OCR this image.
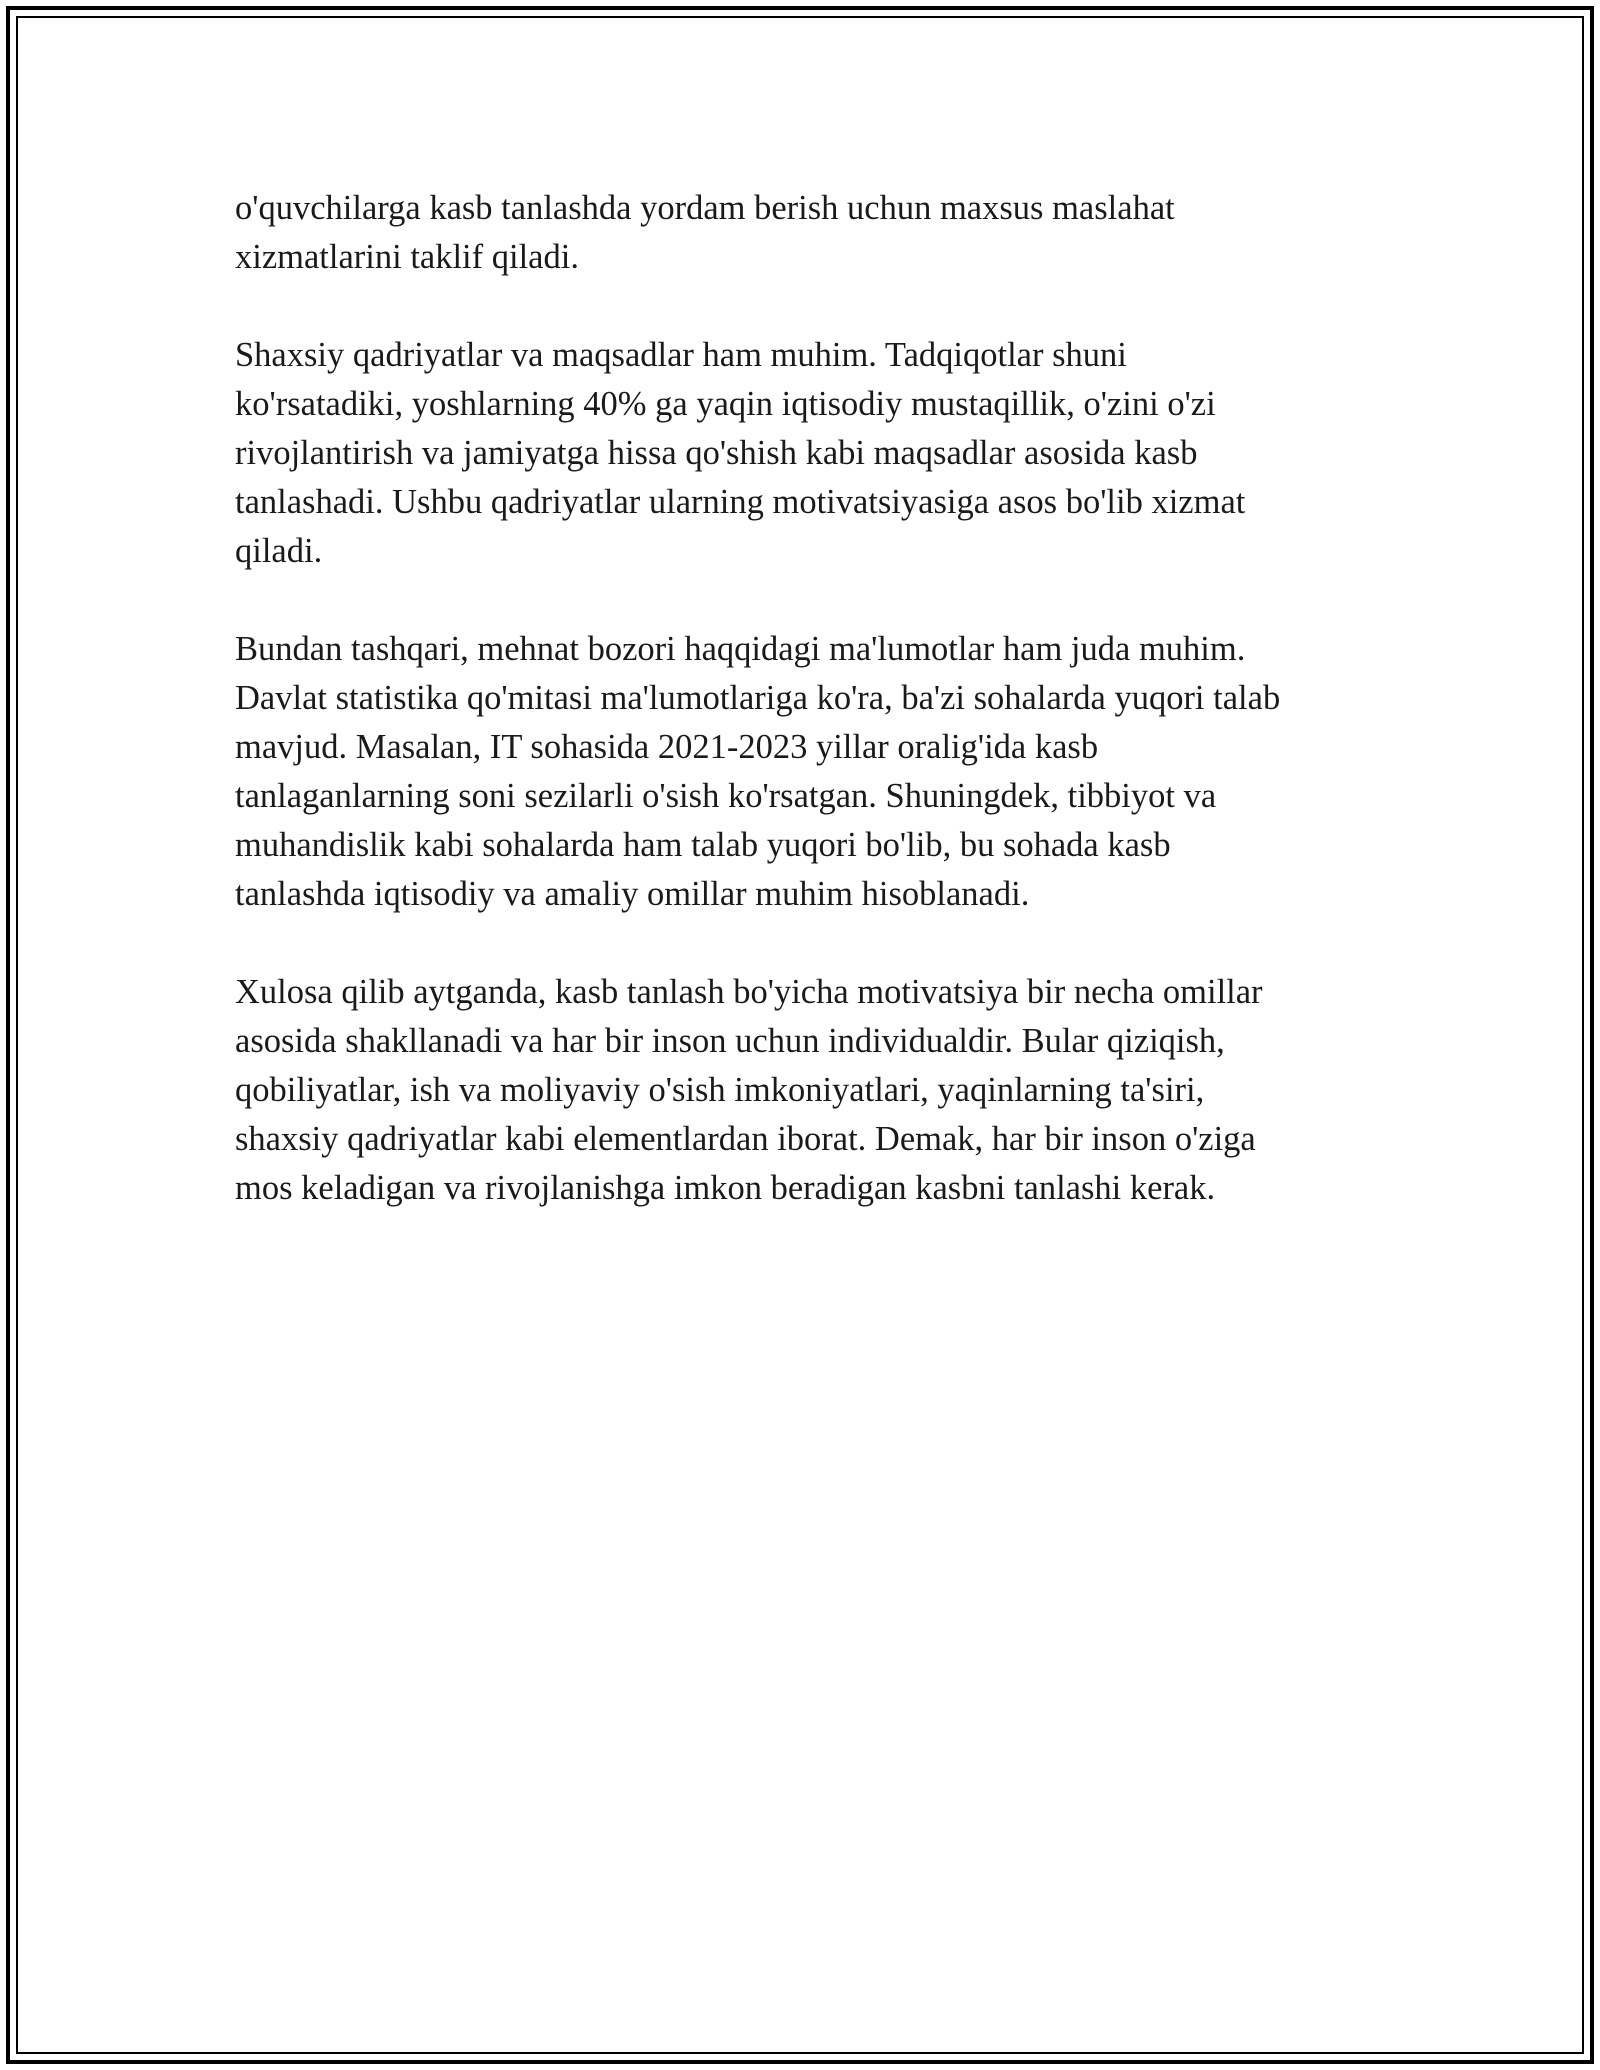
o'quvchilarga kasb tanlashda yordam berish uchun maxsus maslahat
xizmatlarini taklif qiladi.

Shaxsiy qadriyatlar va maqsadlar ham muhim. Tadqiqotlar shuni
ko'rsatadiki, yoshlarning 40% ga yaqin iqtisodiy mustaqillik, o'zini o'zi
rivojlantirish va jamiyatga hissa qo'shish kabi maqsadlar asosida kasb
tanlashadi. Ushbu qadriyatlar ularning motivatsiyasiga asos bo'lib xizmat
qiladi.

Bundan tashqari, mehnat bozori haqqidagi ma'lumotlar ham juda muhim.
Davlat statistika qo'mitasi ma'lumotlariga ko'ra, ba'zi sohalarda yuqori talab
mavjud. Masalan, IT sohasida 2021-2023 yillar oralig'ida kasb
tanlaganlarning soni sezilarli o'sish ko'rsatgan. Shuningdek, tibbiyot va
muhandislik kabi sohalarda ham talab yuqori bo'lib, bu sohada kasb
tanlashda iqtisodiy va amaliy omillar muhim hisoblanadi.

Xulosa qilib aytganda, kasb tanlash bo'yicha motivatsiya bir necha omillar
asosida shakllanadi va har bir inson uchun individualdir. Bular qiziqish,
qobiliyatlar, ish va moliyaviy o'sish imkoniyatlari, yaqinlarning ta'siri,
shaxsiy qadriyatlar kabi elementlardan iborat. Demak, har bir inson o'ziga
mos keladigan va rivojlanishga imkon beradigan kasbni tanlashi kerak.
